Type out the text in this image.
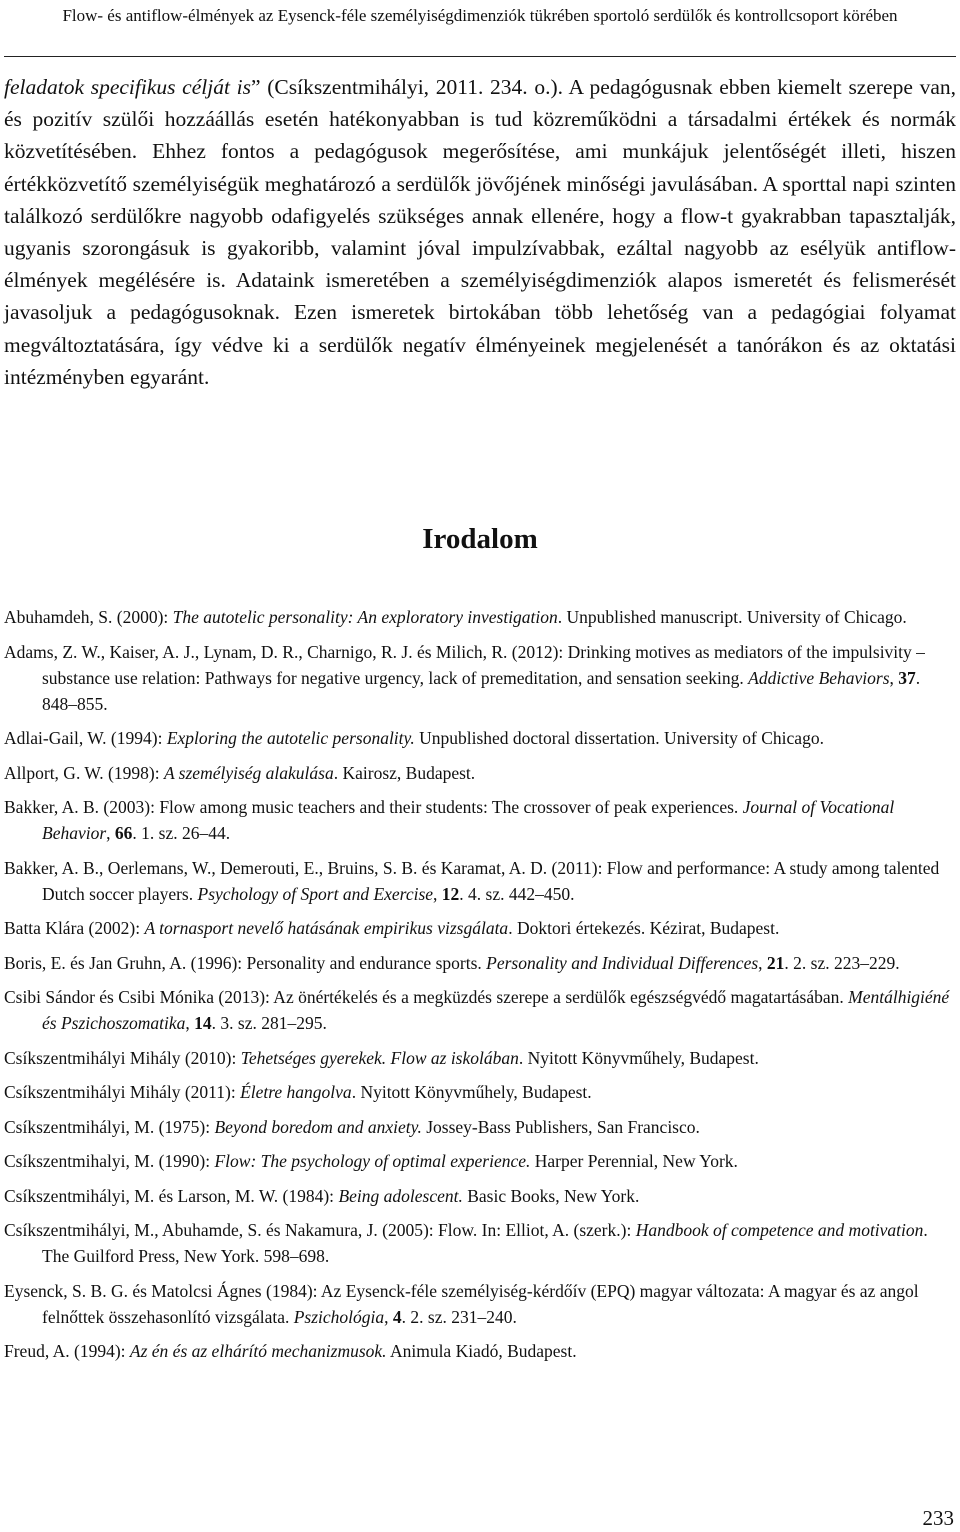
Flow- és antiflow-élmények az Eysenck-féle személyiségdimenziók tükrében sportoló serdülők és kontrollcsoport körében

feladatok specifikus célját is” (Csíkszentmihályi, 2011. 234. o.). A pedagógusnak ebben kiemelt szerepe van, és pozitív szülői hozzáállás esetén hatékonyabban is tud közreműködni a társadalmi értékek és normák közvetítésében. Ehhez fontos a pedagógusok megerősítése, ami munkájuk jelentőségét illeti, hiszen értékközvetítő személyiségük meghatározó a serdülők jövőjének minőségi javulásában. A sporttal napi szinten találkozó serdülőkre nagyobb odafigyelés szükséges annak ellenére, hogy a flow-t gyakrabban tapasztalják, ugyanis szorongásuk is gyakoribb, valamint jóval impulzívabbak, ezáltal nagyobb az esélyük antiflow-élmények megélésére is. Adataink ismeretében a személyiségdimenziók alapos ismeretét és felismerését javasoljuk a pedagógusoknak. Ezen ismeretek birtokában több lehetőség van a pedagógiai folyamat megváltoztatására, így védve ki a serdülők negatív élményeinek megjelenését a tanórákon és az oktatási intézményben egyaránt.

Irodalom

Abuhamdeh, S. (2000): The autotelic personality: An exploratory investigation. Unpublished manuscript. University of Chicago.

Adams, Z. W., Kaiser, A. J., Lynam, D. R., Charnigo, R. J. és Milich, R. (2012): Drinking motives as mediators of the impulsivity – substance use relation: Pathways for negative urgency, lack of premeditation, and sensation seeking. Addictive Behaviors, 37. 848–855.

Adlai-Gail, W. (1994): Exploring the autotelic personality. Unpublished doctoral dissertation. University of Chicago.

Allport, G. W. (1998): A személyiség alakulása. Kairosz, Budapest.

Bakker, A. B. (2003): Flow among music teachers and their students: The crossover of peak experiences. Journal of Vocational Behavior, 66. 1. sz. 26–44.

Bakker, A. B., Oerlemans, W., Demerouti, E., Bruins, S. B. és Karamat, A. D. (2011): Flow and performance: A study among talented Dutch soccer players. Psychology of Sport and Exercise, 12. 4. sz. 442–450.

Batta Klára (2002): A tornasport nevelő hatásának empirikus vizsgálata. Doktori értekezés. Kézirat, Budapest.

Boris, E. és Jan Gruhn, A. (1996): Personality and endurance sports. Personality and Individual Differences, 21. 2. sz. 223–229.

Csibi Sándor és Csibi Mónika (2013): Az önértékelés és a megküzdés szerepe a serdülők egészségvédő magatartásában. Mentálhigiéné és Pszichoszomatika, 14. 3. sz. 281–295.

Csíkszentmihályi Mihály (2010): Tehetséges gyerekek. Flow az iskolában. Nyitott Könyvműhely, Budapest.

Csíkszentmihályi Mihály (2011): Életre hangolva. Nyitott Könyvműhely, Budapest.

Csíkszentmihályi, M. (1975): Beyond boredom and anxiety. Jossey-Bass Publishers, San Francisco.

Csíkszentmihalyi, M. (1990): Flow: The psychology of optimal experience. Harper Perennial, New York.

Csíkszentmihályi, M. és Larson, M. W. (1984): Being adolescent. Basic Books, New York.

Csíkszentmihályi, M., Abuhamde, S. és Nakamura, J. (2005): Flow. In: Elliot, A. (szerk.): Handbook of competence and motivation. The Guilford Press, New York. 598–698.

Eysenck, S. B. G. és Matolcsi Ágnes (1984): Az Eysenck-féle személyiség-kérdőív (EPQ) magyar változata: A magyar és az angol felnőttek összehasonlító vizsgálata. Pszichológia, 4. 2. sz. 231–240.

Freud, A. (1994): Az én és az elhárító mechanizmusok. Animula Kiadó, Budapest.

233
